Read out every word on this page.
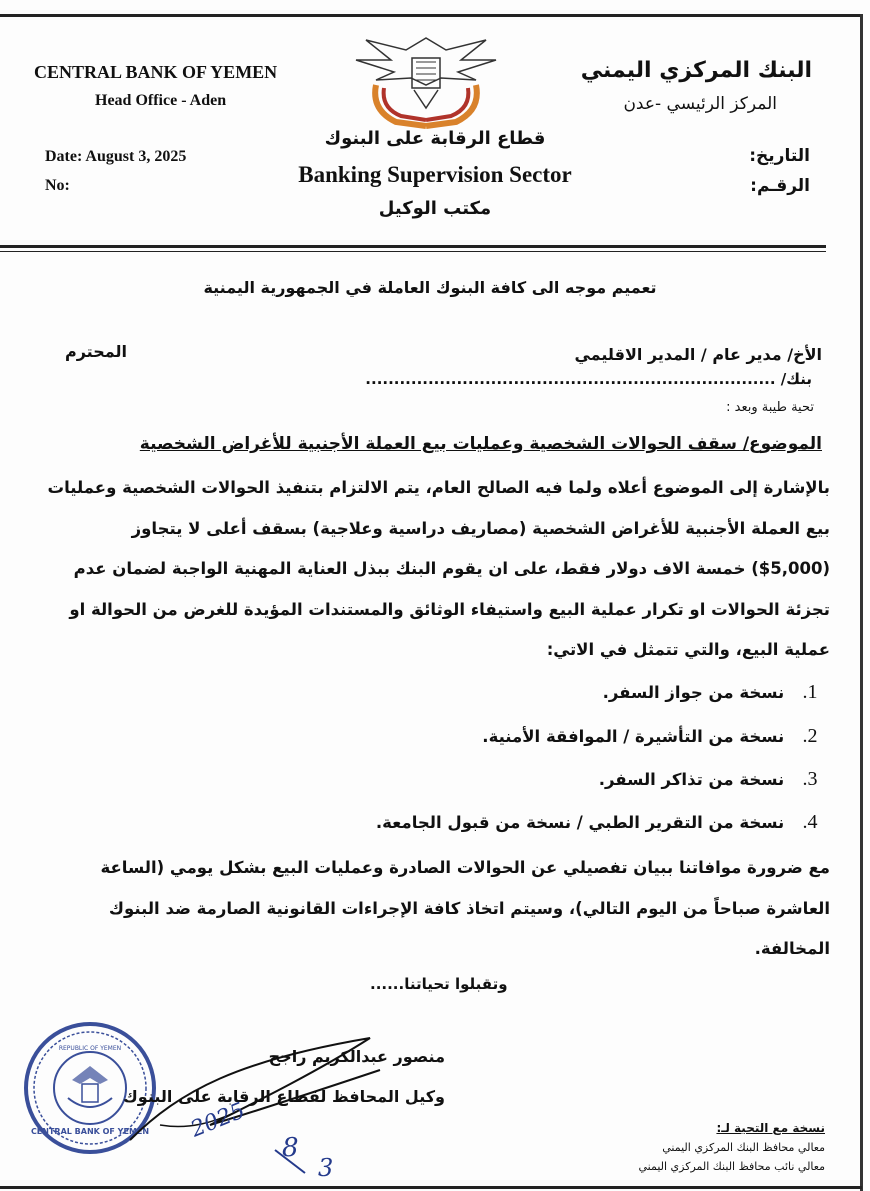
CENTRAL BANK OF YEMEN
Head Office - Aden
Date: August 3, 2025
No:
البنك المركزي اليمني
المركز الرئيسي -عدن
التاريخ:
الرقـم:
قطاع الرقابة على البنوك
Banking Supervision Sector
مكتب الوكيل
تعميم موجه الى كافة البنوك العاملة في الجمهورية اليمنية
الأخ/ مدير عام / المدير الاقليمي
المحترم
بنك/ ........................................................................
تحية طيبة وبعد :
الموضوع/ سقف الحوالات الشخصية وعمليات بيع العملة الأجنبية للأغراض الشخصية
بالإشارة إلى الموضوع أعلاه ولما فيه الصالح العام، يتم الالتزام بتنفيذ الحوالات الشخصية وعمليات
بيع العملة الأجنبية للأغراض الشخصية (مصاريف دراسية وعلاجية) بسقف أعلى لا يتجاوز
($5,000) خمسة الاف دولار فقط، على ان يقوم البنك ببذل العناية المهنية الواجبة لضمان عدم
تجزئة الحوالات او تكرار عملية البيع واستيفاء الوثائق والمستندات المؤيدة للغرض من الحوالة او
عملية البيع، والتي تتمثل في الاتي:
1. نسخة من جواز السفر.
2. نسخة من التأشيرة / الموافقة الأمنية.
3. نسخة من تذاكر السفر.
4. نسخة من التقرير الطبي / نسخة من قبول الجامعة.
مع ضرورة موافاتنا ببيان تفصيلي عن الحوالات الصادرة وعمليات البيع بشكل يومي (الساعة
العاشرة صباحاً من اليوم التالي)، وسيتم اتخاذ كافة الإجراءات القانونية الصارمة ضد البنوك
المخالفة.
وتقبلوا تحياتنا......
CENTRAL BANK OF YEMEN
REPUBLIC OF YEMEN	منصور عبدالكريم راجح
وكيل المحافظ لقطاع الرقابة على البنوك
2025
8
3
نسخة مع التحية لـ:
معالي محافظ البنك المركزي اليمني
معالي نائب محافظ البنك المركزي اليمني
